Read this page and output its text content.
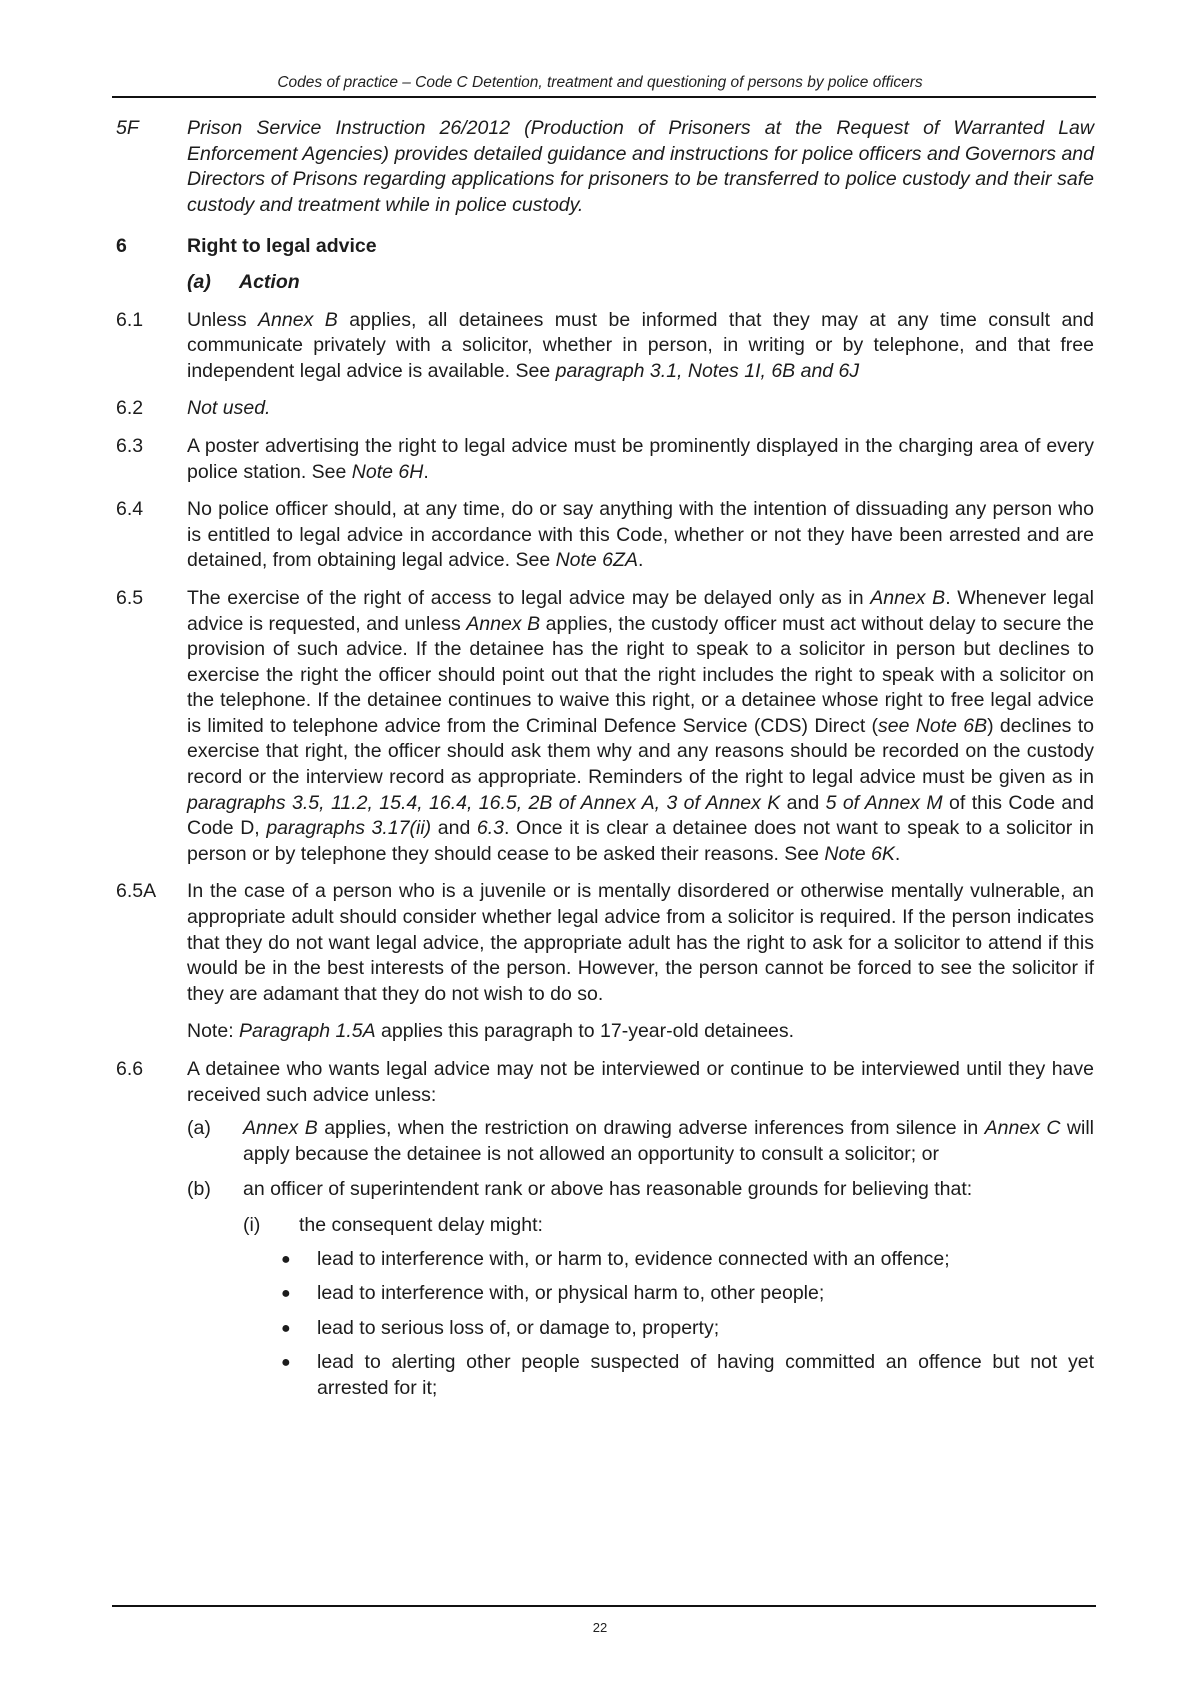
Codes of practice – Code C Detention, treatment and questioning of persons by police officers
5F	Prison Service Instruction 26/2012 (Production of Prisoners at the Request of Warranted Law Enforcement Agencies) provides detailed guidance and instructions for police officers and Governors and Directors of Prisons regarding applications for prisoners to be transferred to police custody and their safe custody and treatment while in police custody.
6	Right to legal advice
(a)	Action
6.1	Unless Annex B applies, all detainees must be informed that they may at any time consult and communicate privately with a solicitor, whether in person, in writing or by telephone, and that free independent legal advice is available. See paragraph 3.1, Notes 1I, 6B and 6J
6.2	Not used.
6.3	A poster advertising the right to legal advice must be prominently displayed in the charging area of every police station. See Note 6H.
6.4	No police officer should, at any time, do or say anything with the intention of dissuading any person who is entitled to legal advice in accordance with this Code, whether or not they have been arrested and are detained, from obtaining legal advice. See Note 6ZA.
6.5	The exercise of the right of access to legal advice may be delayed only as in Annex B. Whenever legal advice is requested, and unless Annex B applies, the custody officer must act without delay to secure the provision of such advice. If the detainee has the right to speak to a solicitor in person but declines to exercise the right the officer should point out that the right includes the right to speak with a solicitor on the telephone. If the detainee continues to waive this right, or a detainee whose right to free legal advice is limited to telephone advice from the Criminal Defence Service (CDS) Direct (see Note 6B) declines to exercise that right, the officer should ask them why and any reasons should be recorded on the custody record or the interview record as appropriate. Reminders of the right to legal advice must be given as in paragraphs 3.5, 11.2, 15.4, 16.4, 16.5, 2B of Annex A, 3 of Annex K and 5 of Annex M of this Code and Code D, paragraphs 3.17(ii) and 6.3. Once it is clear a detainee does not want to speak to a solicitor in person or by telephone they should cease to be asked their reasons. See Note 6K.
6.5A	In the case of a person who is a juvenile or is mentally disordered or otherwise mentally vulnerable, an appropriate adult should consider whether legal advice from a solicitor is required. If the person indicates that they do not want legal advice, the appropriate adult has the right to ask for a solicitor to attend if this would be in the best interests of the person. However, the person cannot be forced to see the solicitor if they are adamant that they do not wish to do so.
Note: Paragraph 1.5A applies this paragraph to 17-year-old detainees.
6.6	A detainee who wants legal advice may not be interviewed or continue to be interviewed until they have received such advice unless:
(a)	Annex B applies, when the restriction on drawing adverse inferences from silence in Annex C will apply because the detainee is not allowed an opportunity to consult a solicitor; or
(b)	an officer of superintendent rank or above has reasonable grounds for believing that:
(i)	the consequent delay might:
●	lead to interference with, or harm to, evidence connected with an offence;
●	lead to interference with, or physical harm to, other people;
●	lead to serious loss of, or damage to, property;
●	lead to alerting other people suspected of having committed an offence but not yet arrested for it;
22
